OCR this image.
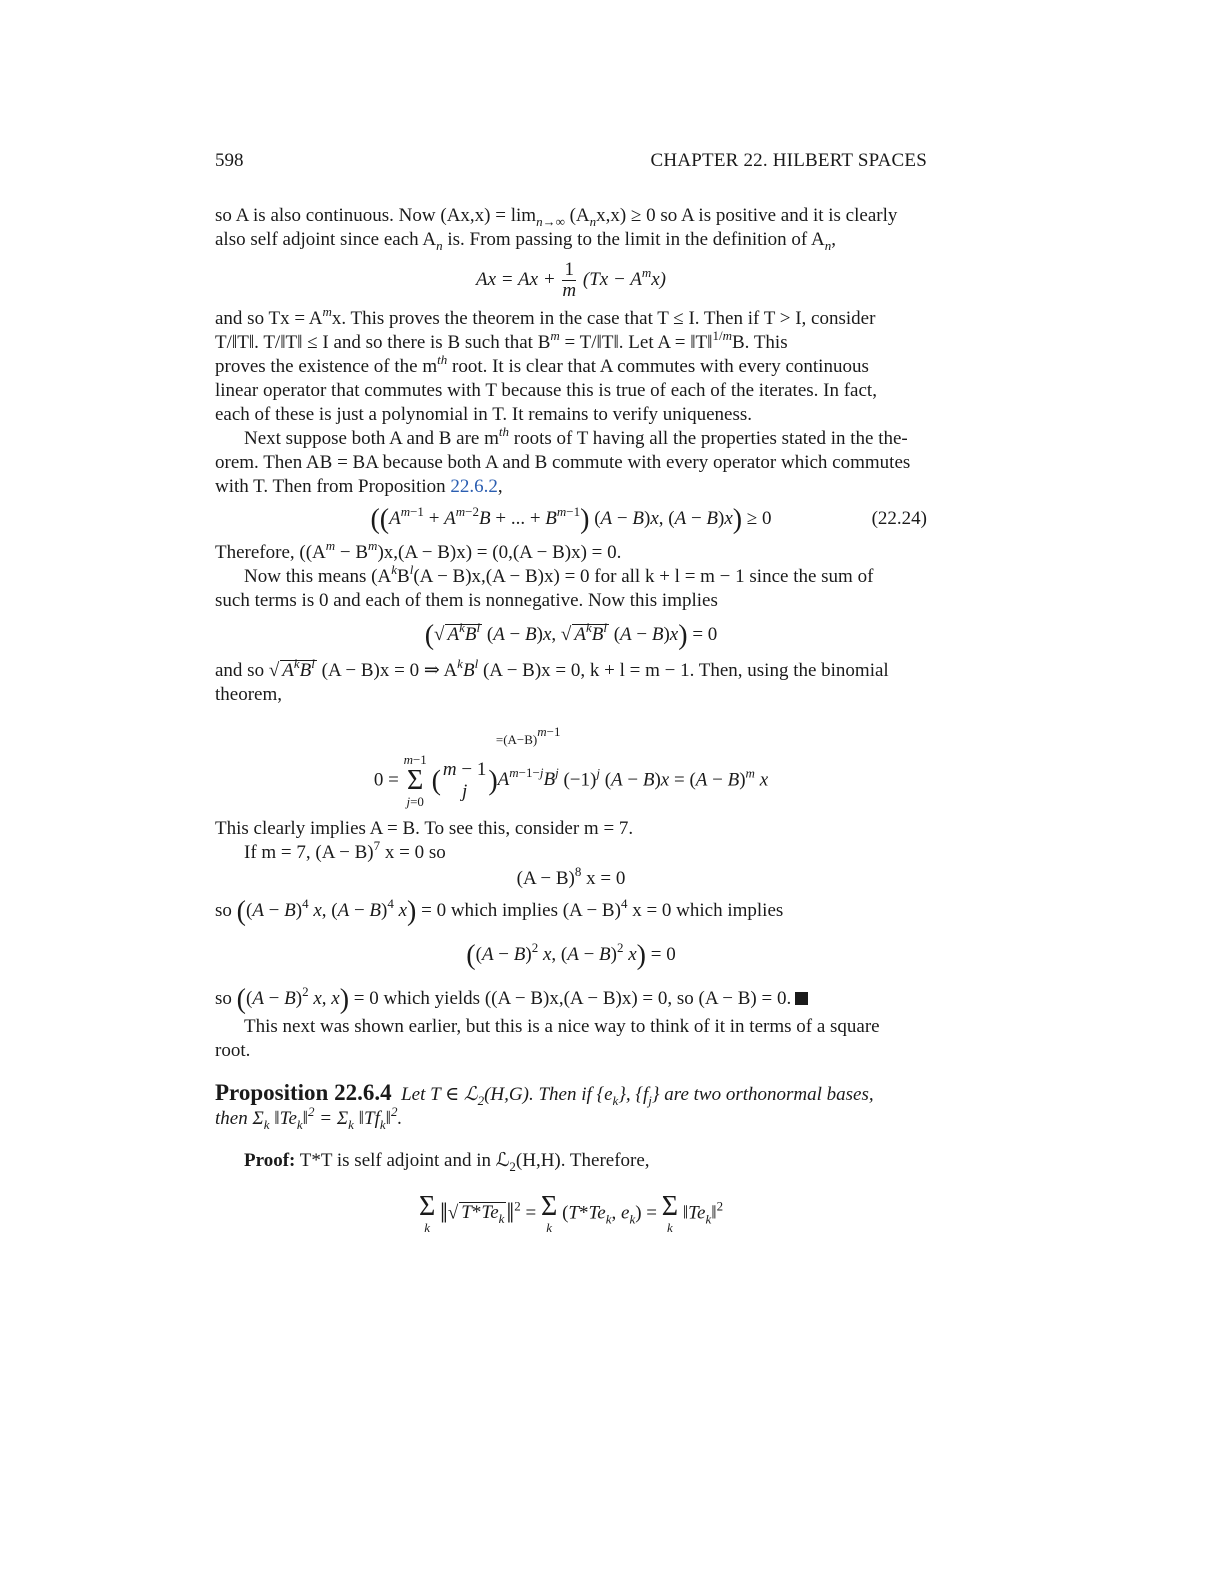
598	CHAPTER 22. HILBERT SPACES

so A is also continuous. Now $(Ax,x) = \lim_{n\to\infty} (A_nx,x) \ge 0$ so A is positive and it is clearly
also self adjoint since each $A_n$ is. From passing to the limit in the definition of $A_n$,

$Ax = Ax + \frac{1}{m} (Tx - A^mx)$

and so $Tx = A^mx$. This proves the theorem in the case that T ≤ I. Then if T > I, consider
T/‖T‖. T/‖T‖ ≤ I and so there is B such that $B^m$ = T/‖T‖. Let A = ‖T‖$^{1/m}$B. This
proves the existence of the $m^{th}$ root. It is clear that A commutes with every continuous
linear operator that commutes with T because this is true of each of the iterates. In fact,
each of these is just a polynomial in T. It remains to verify uniqueness.

Next suppose both A and B are $m^{th}$ roots of T having all the properties stated in the the-
orem. Then AB = BA because both A and B commute with every operator which commutes
with T. Then from Proposition 22.6.2,

(($A^{m-1} + A^{m-2}B$ + ... + $B^{m-1}$) (A − B)x, (A − B)x) ≥ 0	(22.24)

Therefore, $((A^m - B^m)x,(A - B)x) = (0,(A - B)x) = 0$.

Now this means $(A^kB^l(A - B)x,(A - B)x) = 0$ for all k + l = m − 1 since the sum of
such terms is 0 and each of them is nonnegative. Now this implies

(√ $A^kB^l$ (A − B)x, √ $A^kB^l$ (A − B)x) = 0

and so √ $A^kB^l$ (A − B)x = 0 ⇒ $A^kB^l$ (A − B)x = 0, k + l = m − 1. Then, using the binomial
theorem,

0 =
m−1
Σ
j=0
( m − 1
j )
=(A−B)m−1
$A^{m-1-j}B^j$ $(-1)^j$ $(A - B)x = (A - B)^m$ x

This clearly implies A = B. To see this, consider m = 7.

If m = 7, $(A - B)^7$ x = 0 so

$(A - B)^8$ x = 0

so ($(A - B)^4$ x, $(A - B)^4$ x) = 0 which implies $(A - B)^4$ x = 0 which implies

($(A - B)^2$ x, $(A - B)^2$ x) = 0

so ($(A - B)^2$ x, x) = 0 which yields ((A − B)x,(A − B)x) = 0, so (A − B) = 0.

This next was shown earlier, but this is a nice way to think of it in terms of a square
root.

Proposition 22.6.4 Let T ∈ ℒ$_2$(H,G). Then if $\{e_k\}$, $\{f_j\}$ are two orthonormal bases,
then $\Sigma_k$ $‖Te_k‖^2 = \Sigma_k$ $‖Tf_k‖^2$.

Proof: T*T is self adjoint and in ℒ$_2$(H,H). Therefore,

Σ
k ‖√ $T*Te_k‖^2 = \Sigma$
k
($T*Te_k$, $e_k) = \Sigma$
k
$‖Te_k‖^2$
